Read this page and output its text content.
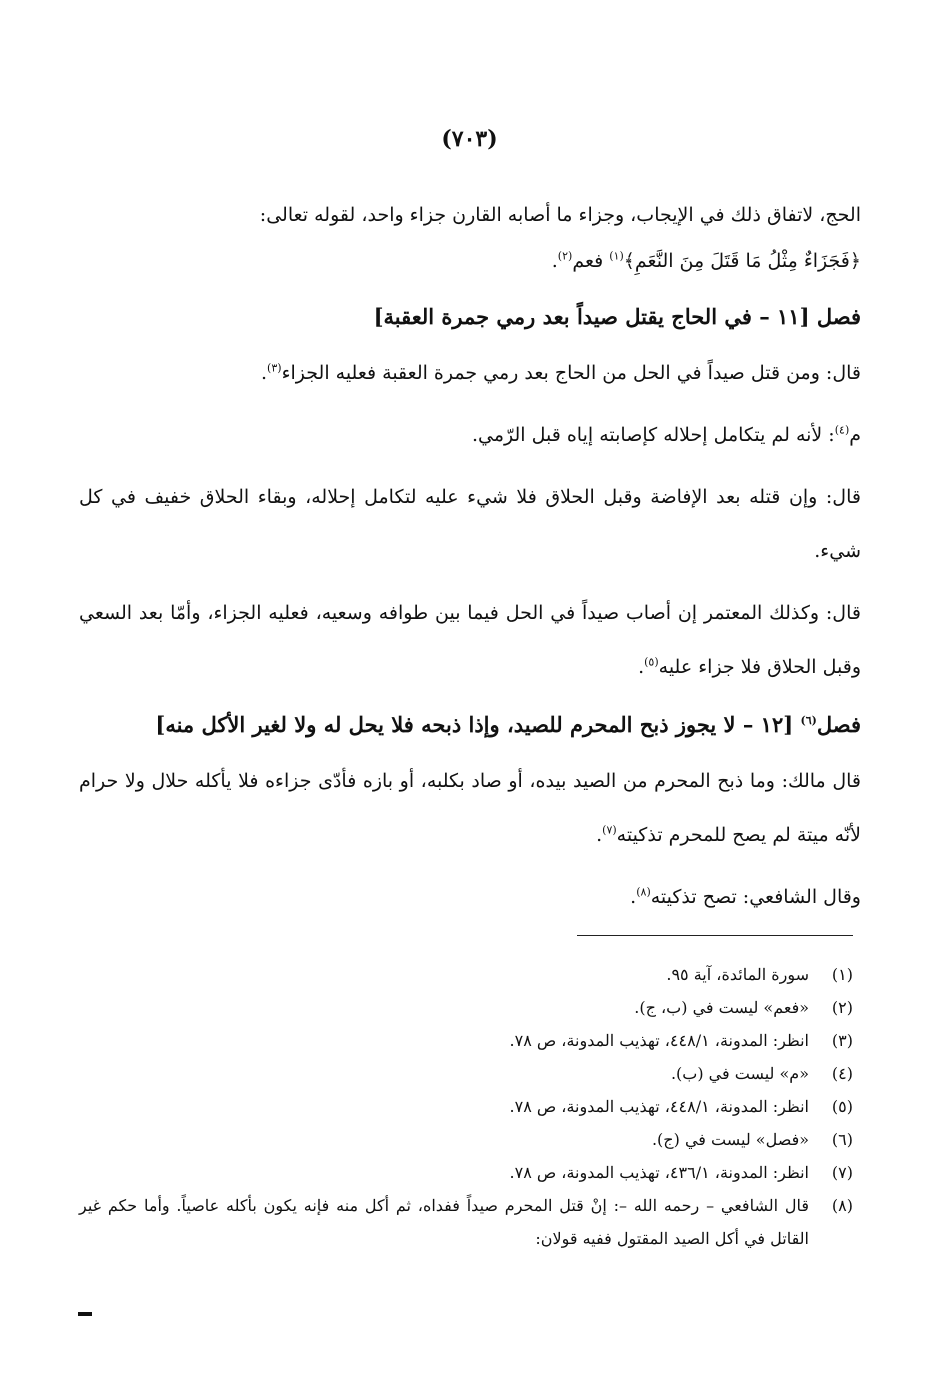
(٧٠٣)

الحج، لاتفاق ذلك في الإيجاب، وجزاء ما أصابه القارن جزاء واحد، لقوله تعالى:
﴿فَجَزَاءٌ مِثْلُ مَا قَتَلَ مِنَ النَّعَمِ﴾$^{(١)}$ فعم$^{(٢)}$.

فصل [١١ – في الحاج يقتل صيداً بعد رمي جمرة العقبة]

قال: ومن قتل صيداً في الحل من الحاج بعد رمي جمرة العقبة فعليه الجزاء$^{(٣)}$.

م$^{(٤)}$: لأنه لم يتكامل إحلاله كإصابته إياه قبل الرّمي.

قال: وإن قتله بعد الإفاضة وقبل الحلاق فلا شيء عليه لتكامل إحلاله، وبقاء الحلاق خفيف في كل شيء.

قال: وكذلك المعتمر إن أصاب صيداً في الحل فيما بين طوافه وسعيه، فعليه الجزاء، وأمّا بعد السعي وقبل الحلاق فلا جزاء عليه$^{(٥)}$.

فصل$^{(٦)}$ [١٢ – لا يجوز ذبح المحرم للصيد، وإذا ذبحه فلا يحل له ولا لغير الأكل منه]

قال مالك: وما ذبح المحرم من الصيد بيده، أو صاد بكلبه، أو بازه فأدّى جزاءه فلا يأكله حلال ولا حرام لأنّه ميتة لم يصح للمحرم تذكيته$^{(٧)}$.

وقال الشافعي: تصح تذكيته$^{(٨)}$.

(١)
سورة المائدة، آية ٩٥.
(٢)
«فعم» ليست في (ب، ج).
(٣)
انظر: المدونة، ٤٤٨/١، تهذيب المدونة، ص ٧٨.
(٤)
«م» ليست في (ب).
(٥)
انظر: المدونة، ٤٤٨/١، تهذيب المدونة، ص ٧٨.
(٦)
«فصل» ليست في (ج).
(٧)
انظر: المدونة، ٤٣٦/١، تهذيب المدونة، ص ٧٨.
(٨)
قال الشافعي – رحمه الله –: إنْ قتل المحرم صيداً ففداه، ثم أكل منه فإنه يكون بأكله عاصياً. وأما حكم غير القاتل في أكل الصيد المقتول ففيه قولان:
